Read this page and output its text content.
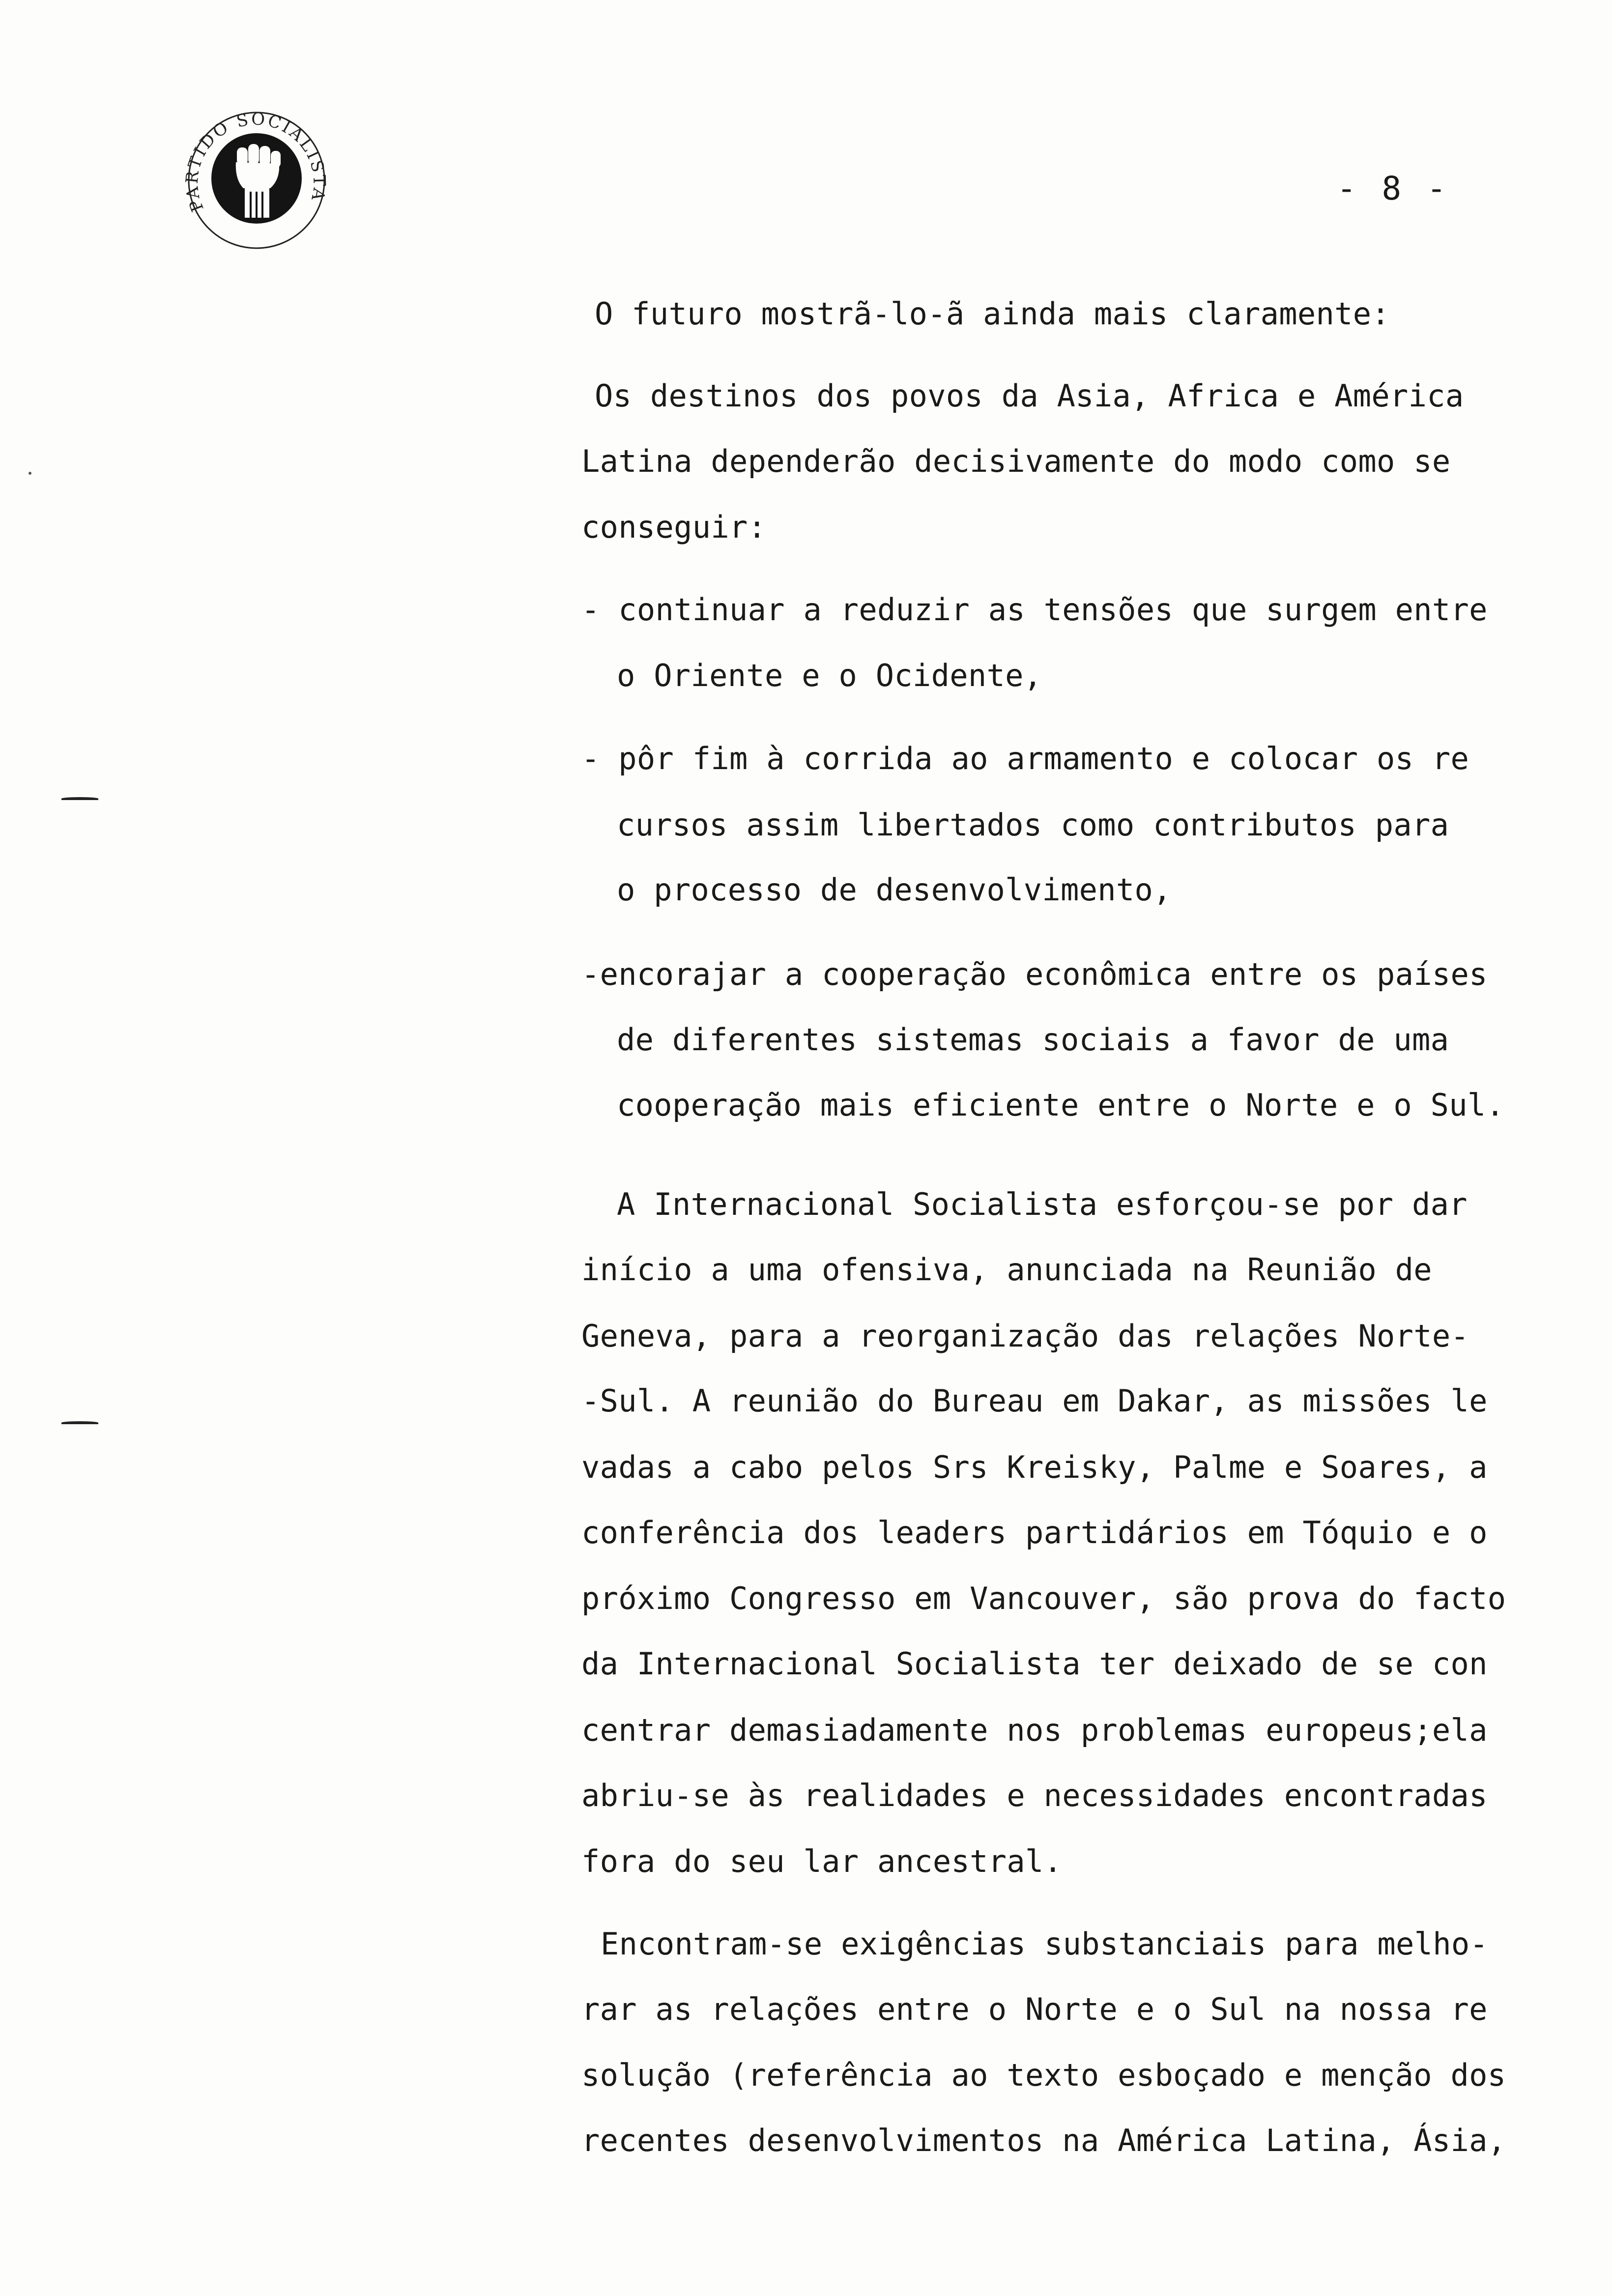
PARTIDO SOCIALISTA	- 8 -
O futuro mostrã-lo-ã ainda mais claramente:
Os destinos dos povos da Asia, Africa e América
Latina dependerão decisivamente do modo como se
conseguir:
- continuar a reduzir as tensões que surgem entre
o Oriente e o Ocidente,
- pôr fim à corrida ao armamento e colocar os re
cursos assim libertados como contributos para
o processo de desenvolvimento,
-encorajar a cooperação econômica entre os países
de diferentes sistemas sociais a favor de uma
cooperação mais eficiente entre o Norte e o Sul.
A Internacional Socialista esforçou-se por dar
início a uma ofensiva, anunciada na Reunião de
Geneva, para a reorganização das relações Norte-
-Sul. A reunião do Bureau em Dakar, as missões le
vadas a cabo pelos Srs Kreisky, Palme e Soares, a
conferência dos leaders partidários em Tóquio e o
próximo Congresso em Vancouver, são prova do facto
da Internacional Socialista ter deixado de se con
centrar demasiadamente nos problemas europeus;ela
abriu-se às realidades e necessidades encontradas
fora do seu lar ancestral.
Encontram-se exigências substanciais para melho-
rar as relações entre o Norte e o Sul na nossa re
solução (referência ao texto esboçado e menção dos
recentes desenvolvimentos na América Latina, Ásia,
